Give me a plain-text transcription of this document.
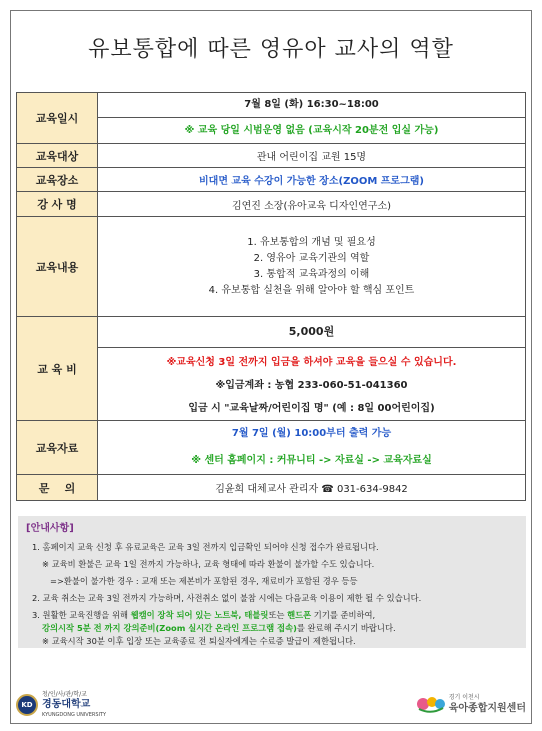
유보통합에 따른 영유아 교사의 역할
교육일시	7월 8일 (화) 16:30~18:00
※ 교육 당일 시범운영 없음 (교육시작 20분전 입실 가능)

교육대상	관내 어린이집 교원 15명
교육장소	비대면 교육 수강이 가능한 장소(ZOOM 프로그램)
강 사 명	김연진 소장(유아교육 디자인연구소)
교육내용	1. 유보통합의 개념 및 필요성
2. 영유아 교육기관의 역할
3. 통합적 교육과정의 이해
4. 유보통합 실천을 위해 알아야 할 핵심 포인트

교 육 비	5,000원
※교육신청 3일 전까지 입금을 하셔야 교육을 들으실 수 있습니다.
※입금계좌 : 농협 233-060-51-041360
입금 시 "교육날짜/어린이집 명" (예 : 8일 00어린이집)

교육자료	7월 7일 (월) 10:00부터 출력 가능
※ 센터 홈페이지 : 커뮤니티 -> 자료실 -> 교육자료실

문    의	김윤희 대체교사 관리자 ☎ 031-634-9842
[안내사항]
1. 홈페이지 교육 신청 후 유료교육은 교육 3일 전까지 입금확인 되어야 신청 접수가 완료됩니다.
※ 교육비 환불은 교육 1일 전까지 가능하나, 교육 형태에 따라 환불이 불가할 수도 있습니다.
=>환불이 불가한 경우 : 교재 또는 제본비가 포함된 경우, 재료비가 포함된 경우 등등
2. 교육 취소는 교육 3일 전까지 가능하며, 사전취소 없이 불참 시에는 다음교육 이용이 제한 될 수 있습니다.
3. 원활한 교육진행을 위해 웹캠이 장착 되어 있는 노트북, 태블릿또는 핸드폰 기기를 준비하여,
강의시작 5분 전 까지 강의준비(Zoom 실시간 온라인 프로그램 접속)를 완료해 주시기 바랍니다.
※ 교육시작 30분 이후 입장 또는 교육종료 전 퇴실자에게는 수료증 발급이 제한됩니다.
KD
청/인/사/관/학/교
경동대학교
KYUNGDONG UNIVERSITY
경기 이천시
육아종합지원센터
